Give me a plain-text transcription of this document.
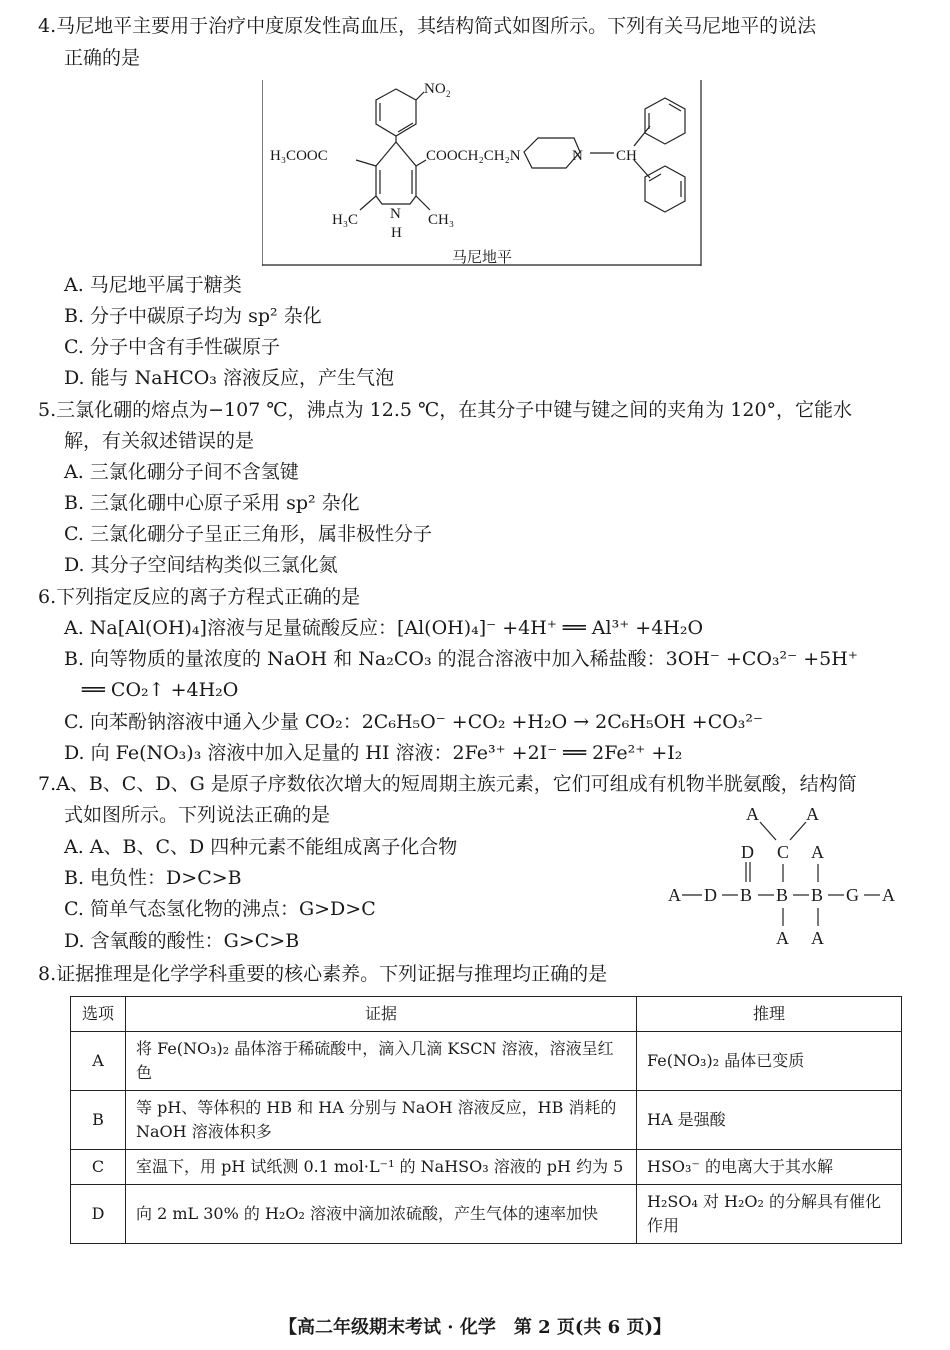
4.马尼地平主要用于治疗中度原发性高血压，其结构简式如图所示。下列有关马尼地平的说法
正确的是
NO 2
H₃COOC	COOCH₂CH₂N	N CH
H₃C	CH₃
N
H
马尼地平
A. 马尼地平属于糖类
B. 分子中碳原子均为 sp² 杂化
C. 分子中含有手性碳原子
D. 能与 NaHCO₃ 溶液反应，产生气泡
5.三氯化硼的熔点为−107 ℃，沸点为 12.5 ℃，在其分子中键与键之间的夹角为 120°，它能水
解，有关叙述错误的是
A. 三氯化硼分子间不含氢键
B. 三氯化硼中心原子采用 sp² 杂化
C. 三氯化硼分子呈正三角形，属非极性分子
D. 其分子空间结构类似三氯化氮
6.下列指定反应的离子方程式正确的是
A. Na[Al(OH)₄]溶液与足量硫酸反应：[Al(OH)₄]⁻ +4H⁺ ══ Al³⁺ +4H₂O
B. 向等物质的量浓度的 NaOH 和 Na₂CO₃ 的混合溶液中加入稀盐酸：3OH⁻ +CO₃²⁻ +5H⁺
══ CO₂↑ +4H₂O
C. 向苯酚钠溶液中通入少量 CO₂：2C₆H₅O⁻ +CO₂ +H₂O → 2C₆H₅OH +CO₃²⁻
D. 向 Fe(NO₃)₃ 溶液中加入足量的 HI 溶液：2Fe³⁺ +2I⁻ ══ 2Fe²⁺ +I₂
7.A、B、C、D、G 是原子序数依次增大的短周期主族元素，它们可组成有机物半胱氨酸，结构简
式如图所示。下列说法正确的是
A. A、B、C、D 四种元素不能组成离子化合物
B. 电负性：D>C>B
C. 简单气态氢化物的沸点：G>D>C
D. 含氧酸的酸性：G>C>B
A	A
D C A
A D B B B G A
A A
8.证据推理是化学学科重要的核心素养。下列证据与推理均正确的是
选项	证据	推理
A	将 Fe(NO₃)₂ 晶体溶于稀硫酸中，滴入几滴 KSCN 溶液，溶液呈红色	Fe(NO₃)₂ 晶体已变质
B	等 pH、等体积的 HB 和 HA 分别与 NaOH 溶液反应，HB 消耗的 NaOH 溶液体积多	HA 是强酸
C	室温下，用 pH 试纸测 0.1 mol·L⁻¹ 的 NaHSO₃ 溶液的 pH 约为 5	HSO₃⁻ 的电离大于其水解
D	向 2 mL 30% 的 H₂O₂ 溶液中滴加浓硫酸，产生气体的速率加快	H₂SO₄ 对 H₂O₂ 的分解具有催化作用
【高二年级期末考试 · 化学　第 2 页(共 6 页)】
